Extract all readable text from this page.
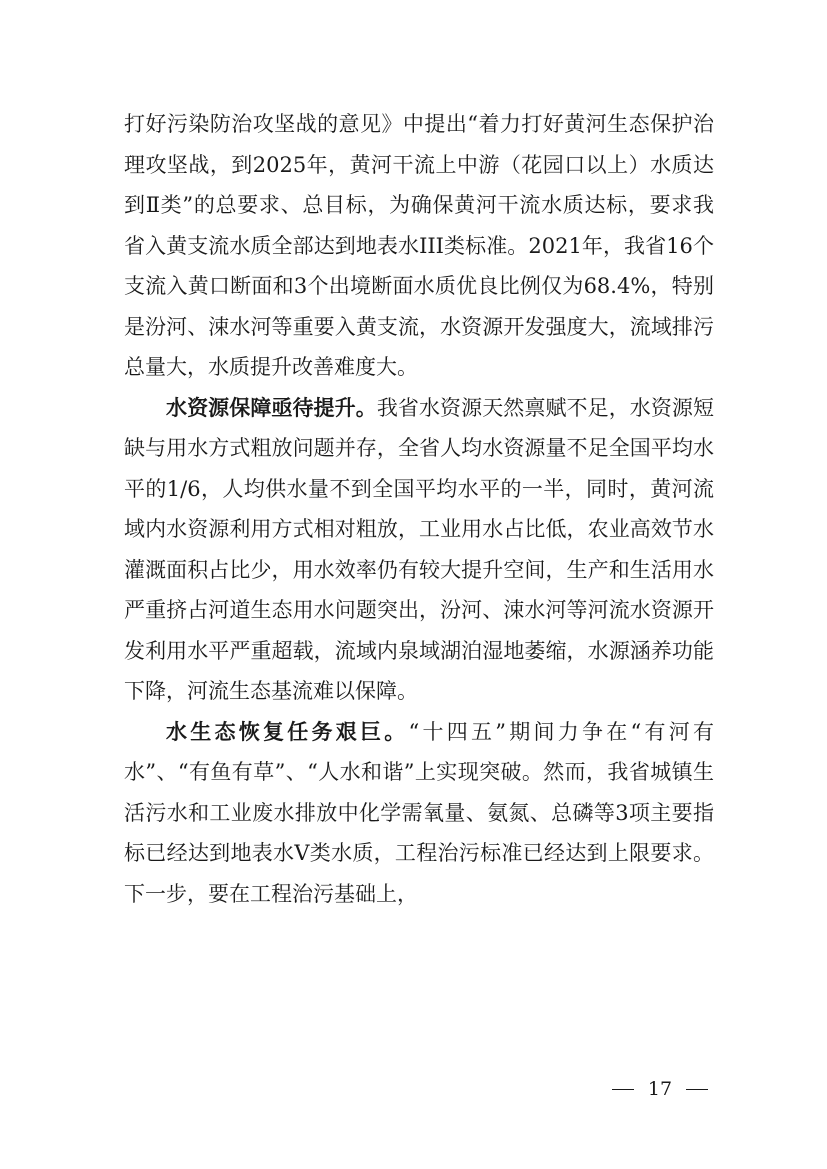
打好污染防治攻坚战的意见》中提出“着力打好黄河生态保护治理攻坚战，到2025年，黄河干流上中游（花园口以上）水质达到Ⅱ类”的总要求、总目标，为确保黄河干流水质达标，要求我省入黄支流水质全部达到地表水III类标准。2021年，我省16个支流入黄口断面和3个出境断面水质优良比例仅为68.4%，特别是汾河、涑水河等重要入黄支流，水资源开发强度大，流域排污总量大，水质提升改善难度大。

水资源保障亟待提升。我省水资源天然禀赋不足，水资源短缺与用水方式粗放问题并存，全省人均水资源量不足全国平均水平的1/6，人均供水量不到全国平均水平的一半，同时，黄河流域内水资源利用方式相对粗放，工业用水占比低，农业高效节水灌溉面积占比少，用水效率仍有较大提升空间，生产和生活用水严重挤占河道生态用水问题突出，汾河、涑水河等河流水资源开发利用水平严重超载，流域内泉域湖泊湿地萎缩，水源涵养功能下降，河流生态基流难以保障。

水生态恢复任务艰巨。“十四五”期间力争在“有河有水”、“有鱼有草”、“人水和谐”上实现突破。然而，我省城镇生活污水和工业废水排放中化学需氧量、氨氮、总磷等3项主要指标已经达到地表水Ⅴ类水质，工程治污标准已经达到上限要求。下一步，要在工程治污基础上，

17
